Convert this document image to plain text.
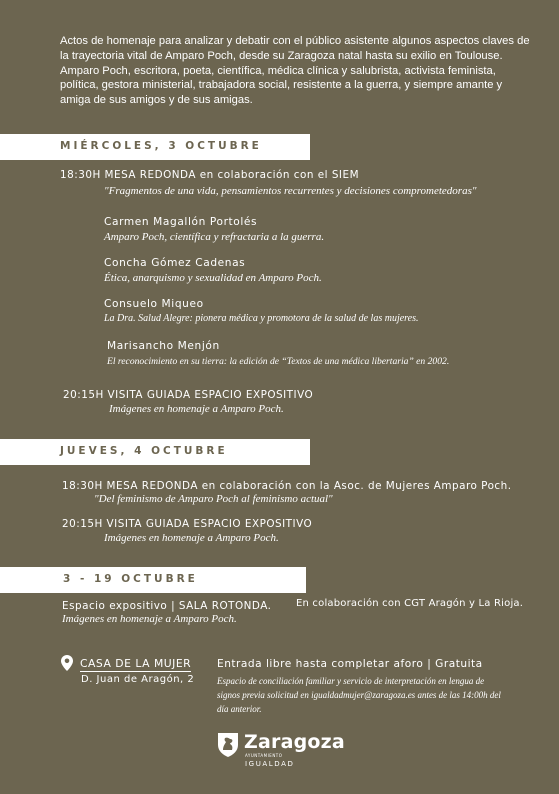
Actos de homenaje para analizar y debatir con el público asistente algunos aspectos claves de la trayectoria vital de Amparo Poch, desde su Zaragoza natal hasta su exilio en Toulouse. Amparo Poch, escritora, poeta, científica, médica clínica y salubrista, activista feminista, política, gestora ministerial, trabajadora social, resistente a la guerra, y siempre amante y amiga de sus amigos y de sus amigas.
MIÉRCOLES, 3 OCTUBRE
18:30H MESA REDONDA en colaboración con el SIEM
"Fragmentos de una vida, pensamientos recurrentes y decisiones comprometedoras"
Carmen Magallón Portolés
Amparo Poch, científica y refractaria a la guerra.
Concha Gómez Cadenas
Ética, anarquismo y sexualidad en Amparo Poch.
Consuelo Miqueo
La Dra. Salud Alegre: pionera médica y promotora de la salud de las mujeres.
Marisancho Menjón
El reconocimiento en su tierra: la edición de “Textos de una médica libertaria” en 2002.
20:15H VISITA GUIADA ESPACIO EXPOSITIVO
Imágenes en homenaje a Amparo Poch.
JUEVES, 4 OCTUBRE
18:30H MESA REDONDA en colaboración con la Asoc. de Mujeres Amparo Poch.
"Del feminismo de Amparo Poch al feminismo actual"
20:15H VISITA GUIADA ESPACIO EXPOSITIVO
Imágenes en homenaje a Amparo Poch.
3 - 19 OCTUBRE
Espacio expositivo | SALA ROTONDA. En colaboración con CGT Aragón y La Rioja.
Imágenes en homenaje a Amparo Poch.
CASA DE LA MUJER
D. Juan de Aragón, 2
Entrada libre hasta completar aforo | Gratuita
Espacio de conciliación familiar y servicio de interpretación en lengua de signos previa solicitud en igualdadmujer@zaragoza.es antes de las 14:00h del día anterior.
Zaragoza
AYUNTAMIENTO
IGUALDAD
